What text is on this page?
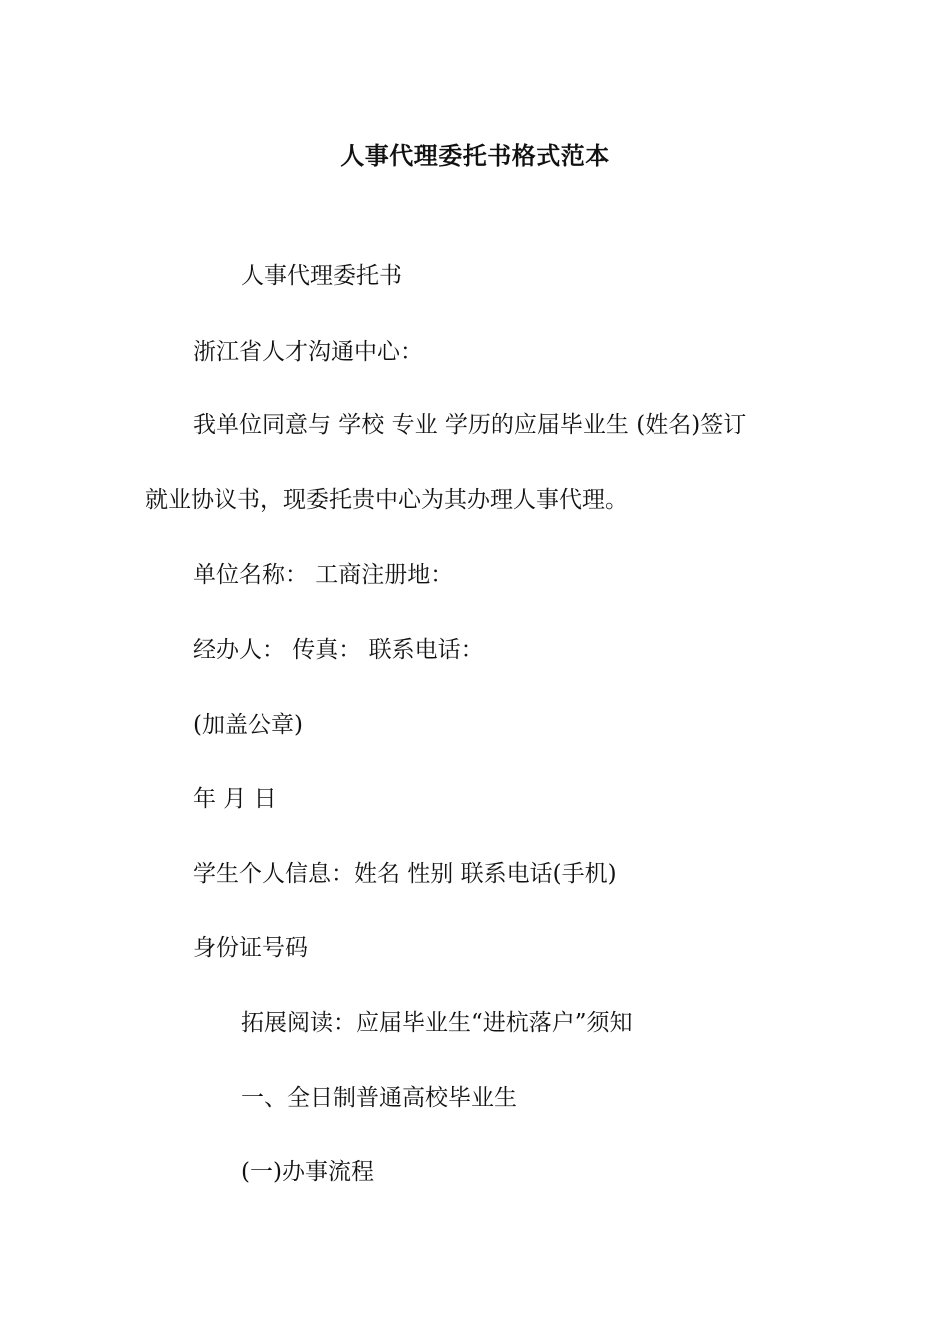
人事代理委托书格式范本
人事代理委托书
浙江省人才沟通中心：
我单位同意与 学校 专业 学历的应届毕业生 (姓名)签订
就业协议书，现委托贵中心为其办理人事代理。
单位名称： 工商注册地：
经办人： 传真： 联系电话：
(加盖公章)
年 月 日
学生个人信息：姓名 性别 联系电话(手机)
身份证号码
拓展阅读：应届毕业生“进杭落户”须知
一、全日制普通高校毕业生
(一)办事流程
